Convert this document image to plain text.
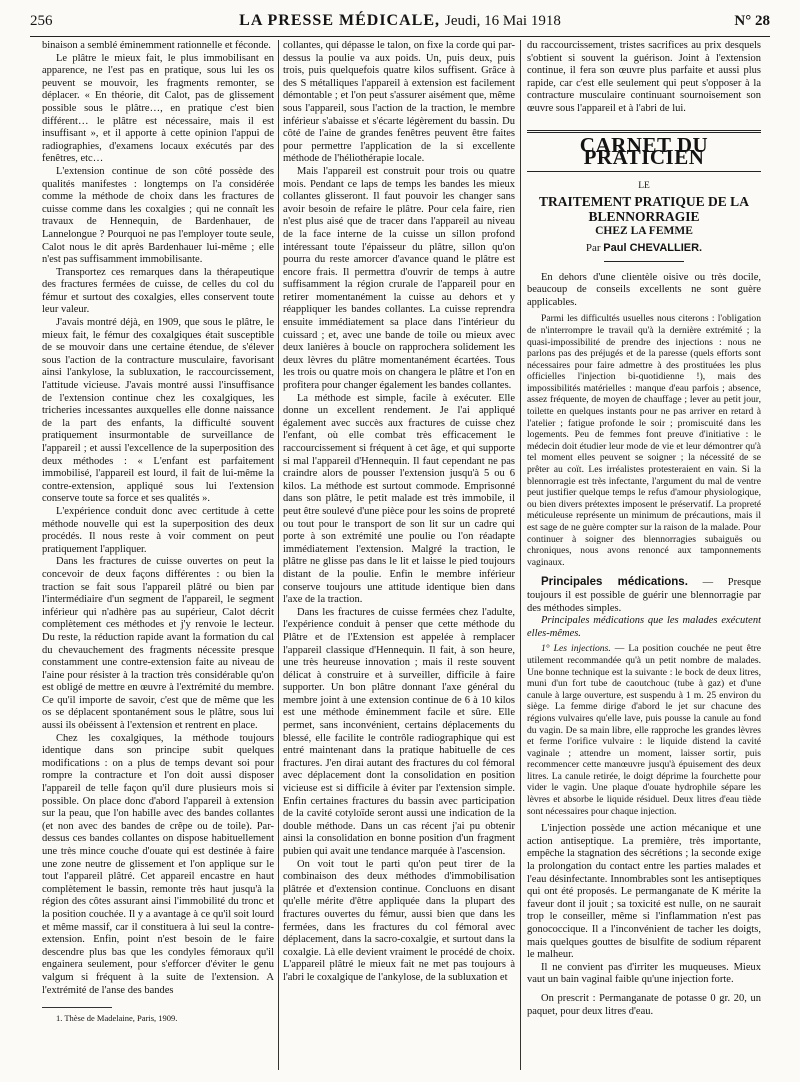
256	LA PRESSE MÉDICALE, Jeudi, 16 Mai 1918	N° 28

binaison a semblé éminemment rationnelle et féconde.

Le plâtre le mieux fait, le plus immobilisant en apparence, ne l'est pas en pratique, sous lui les os peuvent se mouvoir, les fragments remonter, se déplacer. « En théorie, dit Calot, pas de glissement possible sous le plâtre…, en pratique c'est bien différent… le plâtre est nécessaire, mais il est insuffisant », et il apporte à cette opinion l'appui de radiographies, d'examens locaux exécutés par des fenêtres, etc…

L'extension continue de son côté possède des qualités manifestes : longtemps on l'a considérée comme la méthode de choix dans les fractures de cuisse comme dans les coxalgies ; qui ne connaît les travaux de Hennequin, de Bardenhauer, de Lannelongue ? Pourquoi ne pas l'employer toute seule, Calot nous le dit après Bardenhauer lui-même ; elle n'est pas suffisamment immobilisante.

Transportez ces remarques dans la thérapeutique des fractures fermées de cuisse, de celles du col du fémur et surtout des coxalgies, elles conservent toute leur valeur.

J'avais montré déjà, en 1909, que sous le plâtre, le mieux fait, le fémur des coxalgiques était susceptible de se mouvoir dans une certaine étendue, de s'élever sous l'action de la contracture musculaire, favorisant ainsi l'ankylose, la subluxation, le raccourcissement, l'attitude vicieuse. J'avais montré aussi l'insuffisance de l'extension continue chez les coxalgiques, les tricheries incessantes auxquelles elle donne naissance de la part des enfants, la difficulté souvent pratiquement insurmontable de surveillance de l'appareil ; et aussi l'excellence de la superposition des deux méthodes : « L'enfant est parfaitement immobilisé, l'appareil est lourd, il fait de lui-même la contre-extension, appliqué sous lui l'extension conserve toute sa force et ses qualités ».

L'expérience conduit donc avec certitude à cette méthode nouvelle qui est la superposition des deux procédés. Il nous reste à voir comment on peut pratiquement l'appliquer.

Dans les fractures de cuisse ouvertes on peut la concevoir de deux façons différentes : ou bien la traction se fait sous l'appareil plâtré ou bien par l'intermédiaire d'un segment de l'appareil, le segment inférieur qui n'adhère pas au supérieur, Calot décrit complètement ces méthodes et j'y renvoie le lecteur. Du reste, la réduction rapide avant la formation du cal du chevauchement des fragments nécessite presque constamment une contre-extension faite au niveau de l'aine pour résister à la traction très considérable qu'on est obligé de mettre en œuvre à l'extrémité du membre. Ce qu'il importe de savoir, c'est que de même que les os se déplacent spontanément sous le plâtre, sous lui aussi ils obéissent à l'extension et rentrent en place.

Chez les coxalgiques, la méthode toujours identique dans son principe subit quelques modifications : on a plus de temps devant soi pour rompre la contracture et l'on doit aussi disposer l'appareil de telle façon qu'il dure plusieurs mois si possible. On place donc d'abord l'appareil à extension sur la peau, que l'on habille avec des bandes collantes (et non avec des bandes de crêpe ou de toile). Par-dessus ces bandes collantes on dispose habituellement une très mince couche d'ouate qui est destinée à faire une zone neutre de glissement et l'on applique sur le tout l'appareil plâtré. Cet appareil encastre en haut complètement le bassin, remonte très haut jusqu'à la région des côtes assurant ainsi l'immobilité du tronc et la position couchée. Il y a avantage à ce qu'il soit lourd et même massif, car il constituera à lui seul la contre-extension. Enfin, point n'est besoin de le faire descendre plus bas que les condyles fémoraux qu'il engainera seulement, pour s'efforcer d'éviter le genu valgum si fréquent à la suite de l'extension. A l'extrémité de l'anse des bandes

1. Thèse de Madelaine, Paris, 1909.

collantes, qui dépasse le talon, on fixe la corde qui par-dessus la poulie va aux poids. Un, puis deux, puis trois, puis quelquefois quatre kilos suffisent. Grâce à des S métalliques l'appareil à extension est facilement démontable ; et l'on peut s'assurer aisément que, même sous l'appareil, sous l'action de la traction, le membre inférieur s'abaisse et s'écarte légèrement du bassin. Du côté de l'aine de grandes fenêtres peuvent être faites pour permettre l'application de la si excellente méthode de l'héliothérapie locale.

Mais l'appareil est construit pour trois ou quatre mois. Pendant ce laps de temps les bandes les mieux collantes glisseront. Il faut pouvoir les changer sans avoir besoin de refaire le plâtre. Pour cela faire, rien n'est plus aisé que de tracer dans l'appareil au niveau de la face interne de la cuisse un sillon profond intéressant toute l'épaisseur du plâtre, sillon qu'on pourra du reste amorcer d'avance quand le plâtre est encore frais. Il permettra d'ouvrir de temps à autre suffisamment la région crurale de l'appareil pour en retirer momentanément la cuisse au dehors et y réappliquer les bandes collantes. La cuisse reprendra ensuite immédiatement sa place dans l'intérieur du cuissard ; et, avec une bande de toile ou mieux avec deux lanières à boucle on rapprochera solidement les deux lèvres du plâtre momentanément écartées. Tous les trois ou quatre mois on changera le plâtre et l'on en profitera pour changer également les bandes collantes.

La méthode est simple, facile à exécuter. Elle donne un excellent rendement. Je l'ai appliqué également avec succès aux fractures de cuisse chez l'enfant, où elle combat très efficacement le raccourcissement si fréquent à cet âge, et qui supporte si mal l'appareil d'Hennequin. Il faut cependant ne pas craindre alors de pousser l'extension jusqu'à 5 ou 6 kilos. La méthode est surtout commode. Emprisonné dans son plâtre, le petit malade est très immobile, il peut être soulevé d'une pièce pour les soins de propreté ou tout pour le transport de son lit sur un cadre qui porte à son extrémité une poulie ou l'on réadapte immédiatement l'extension. Malgré la traction, le plâtre ne glisse pas dans le lit et laisse le pied toujours distant de la poulie. Enfin le membre inférieur conserve toujours une attitude identique bien dans l'axe de la traction.

Dans les fractures de cuisse fermées chez l'adulte, l'expérience conduit à penser que cette méthode du Plâtre et de l'Extension est appelée à remplacer l'appareil classique d'Hennequin. Il fait, à son heure, une très heureuse innovation ; mais il reste souvent délicat à construire et à surveiller, difficile à faire supporter. Un bon plâtre donnant l'axe général du membre joint à une extension continue de 6 à 10 kilos est une méthode éminemment facile et sûre. Elle permet, sans inconvénient, certains déplacements du blessé, elle facilite le contrôle radiographique qui est entré maintenant dans la pratique habituelle de ces fractures. J'en dirai autant des fractures du col fémoral avec déplacement dont la consolidation en position vicieuse est si difficile à éviter par l'extension simple. Enfin certaines fractures du bassin avec participation de la cavité cotyloïde seront aussi une indication de la double méthode. Dans un cas récent j'ai pu obtenir ainsi la consolidation en bonne position d'un fragment pubien qui avait une tendance marquée à l'ascension.

On voit tout le parti qu'on peut tirer de la combinaison des deux méthodes d'immobilisation plâtrée et d'extension continue. Concluons en disant qu'elle mérite d'être appliquée dans la plupart des fractures ouvertes du fémur, aussi bien que dans les fermées, dans les fractures du col fémoral avec déplacement, dans la sacro-coxalgie, et surtout dans la coxalgie. Là elle devient vraiment le procédé de choix. L'appareil plâtré le mieux fait ne met pas toujours à l'abri le coxalgique de l'ankylose, de la subluxation et

du raccourcissement, tristes sacrifices au prix desquels s'obtient si souvent la guérison. Joint à l'extension continue, il fera son œuvre plus parfaite et aussi plus rapide, car c'est elle seulement qui peut s'opposer à la contracture musculaire continuant sournoisement son œuvre sous l'appareil et à l'abri de lui.

CARNET DU PRATICIEN
LE
TRAITEMENT PRATIQUE DE LA BLENNORRAGIE
CHEZ LA FEMME
Par Paul CHEVALLIER.

En dehors d'une clientèle oisive ou très docile, beaucoup de conseils excellents ne sont guère applicables.

Parmi les difficultés usuelles nous citerons : l'obligation de n'interrompre le travail qu'à la dernière extrémité ; la quasi-impossibilité de prendre des injections : nous ne parlons pas des préjugés et de la paresse (quels efforts sont nécessaires pour faire admettre à des prostituées les plus officielles l'injection bi-quotidienne !), mais des impossibilités matérielles : manque d'eau parfois ; absence, assez fréquente, de moyen de chauffage ; lever au petit jour, toilette en quelques instants pour ne pas arriver en retard à l'atelier ; fatigue profonde le soir ; promiscuité dans les logements. Peu de femmes font preuve d'initiative : le médecin doit étudier leur mode de vie et leur démontrer qu'à tel moment elles peuvent se soigner ; la nécessité de se prêter au coït. Les irréalistes protesteraient en vain. Si la blennorragie est très infectante, l'argument du mal de ventre peut justifier quelque temps le refus d'amour physiologique, ou bien divers prétextes imposent le préservatif. La propreté méticuleuse représente un minimum de précautions, mais il est sage de ne guère compter sur la raison de la malade. Pour continuer à soigner des blennorragies subaiguës ou chroniques, nous avons renoncé aux tamponnements vaginaux.

Principales médications. — Presque toujours il est possible de guérir une blennorragie par des méthodes simples.

Principales médications que les malades exécutent elles-mêmes.

1° Les injections. — La position couchée ne peut être utilement recommandée qu'à un petit nombre de malades. Une bonne technique est la suivante : le bock de deux litres, muni d'un fort tube de caoutchouc (tube à gaz) et d'une canule à large ouverture, est suspendu à 1 m. 25 environ du siège. La femme dirige d'abord le jet sur chacune des régions vulvaires qu'elle lave, puis pousse la canule au fond du vagin. De sa main libre, elle rapproche les grandes lèvres et ferme l'orifice vulvaire : le liquide distend la cavité vaginale ; attendre un moment, laisser sortir, puis recommencer cette manœuvre jusqu'à épuisement des deux litres. La canule retirée, le doigt déprime la fourchette pour vider le vagin. Une plaque d'ouate hydrophile sépare les lèvres et absorbe le liquide résiduel. Deux litres d'eau tiède sont nécessaires pour chaque injection.

L'injection possède une action mécanique et une action antiseptique. La première, très importante, empêche la stagnation des sécrétions ; la seconde exige la prolongation du contact entre les parties malades et l'eau désinfectante. Innombrables sont les antiseptiques qui ont été proposés. Le permanganate de K mérite la faveur dont il jouit ; sa toxicité est nulle, on ne saurait trop le conseiller, même si l'inflammation n'est pas gonococcique. Il a l'inconvénient de tacher les doigts, mais quelques gouttes de bisulfite de sodium réparent le malheur.

Il ne convient pas d'irriter les muqueuses. Mieux vaut un bain vaginal faible qu'une injection forte.

On prescrit : Permanganate de potasse 0 gr. 20, un paquet, pour deux litres d'eau.
